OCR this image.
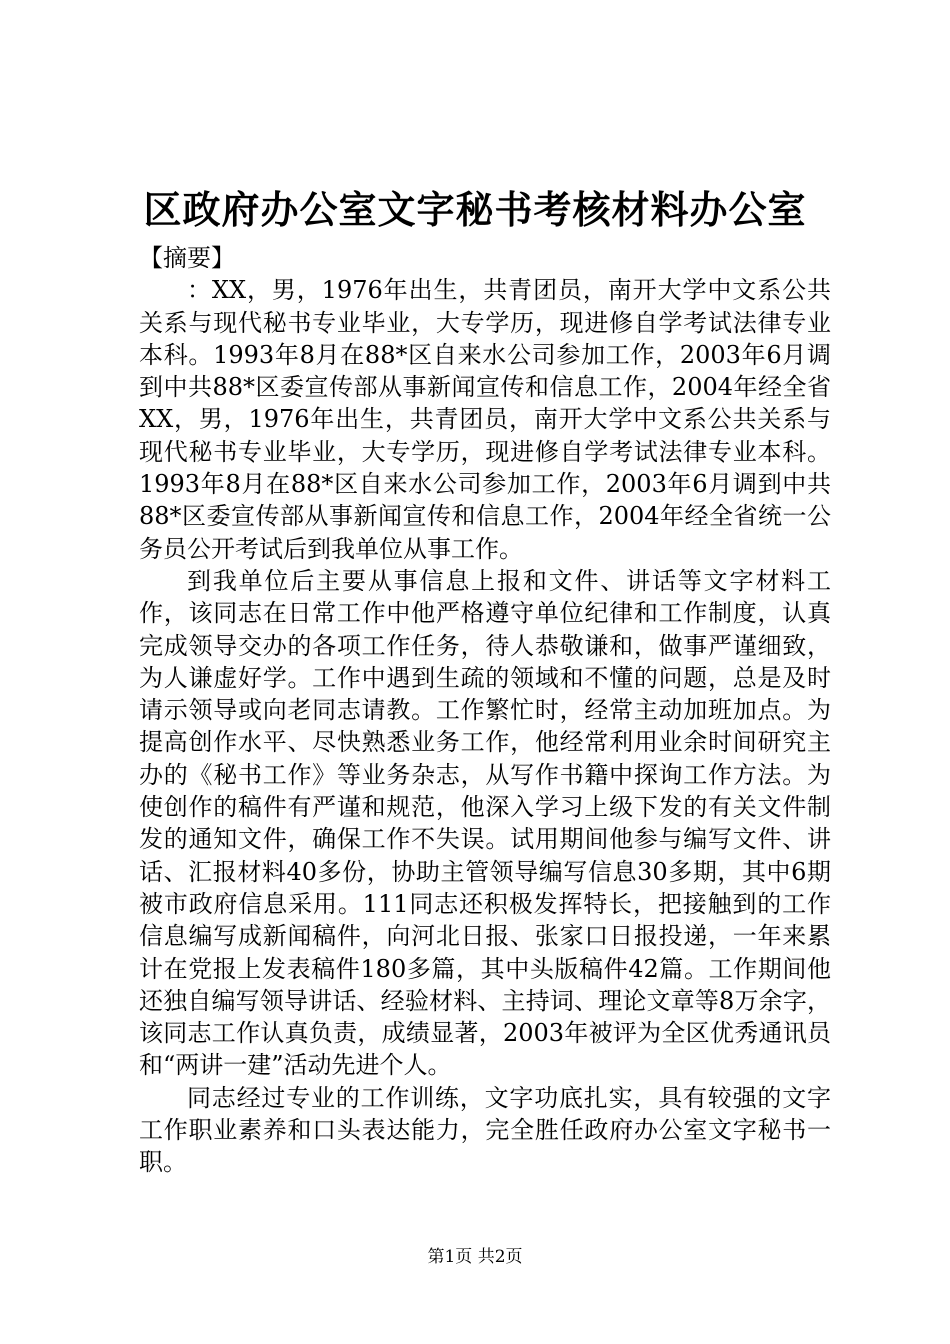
区政府办公室文字秘书考核材料办公室

【摘要】

：XX，男，1976年出生，共青团员，南开大学中文系公共关系与现代秘书专业毕业，大专学历，现进修自学考试法律专业本科。1993年8月在88*区自来水公司参加工作，2003年6月调到中共88*区委宣传部从事新闻宣传和信息工作，2004年经全省XX，男，1976年出生，共青团员，南开大学中文系公共关系与现代秘书专业毕业，大专学历，现进修自学考试法律专业本科。1993年8月在88*区自来水公司参加工作，2003年6月调到中共88*区委宣传部从事新闻宣传和信息工作，2004年经全省统一公务员公开考试后到我单位从事工作。

到我单位后主要从事信息上报和文件、讲话等文字材料工作，该同志在日常工作中他严格遵守单位纪律和工作制度，认真完成领导交办的各项工作任务，待人恭敬谦和，做事严谨细致，为人谦虚好学。工作中遇到生疏的领域和不懂的问题，总是及时请示领导或向老同志请教。工作繁忙时，经常主动加班加点。为提高创作水平、尽快熟悉业务工作，他经常利用业余时间研究主办的《秘书工作》等业务杂志，从写作书籍中探询工作方法。为使创作的稿件有严谨和规范，他深入学习上级下发的有关文件制发的通知文件，确保工作不失误。试用期间他参与编写文件、讲话、汇报材料40多份，协助主管领导编写信息30多期，其中6期被市政府信息采用。111同志还积极发挥特长，把接触到的工作信息编写成新闻稿件，向河北日报、张家口日报投递，一年来累计在党报上发表稿件180多篇，其中头版稿件42篇。工作期间他还独自编写领导讲话、经验材料、主持词、理论文章等8万余字，该同志工作认真负责，成绩显著，2003年被评为全区优秀通讯员和“两讲一建”活动先进个人。

同志经过专业的工作训练，文字功底扎实，具有较强的文字工作职业素养和口头表达能力，完全胜任政府办公室文字秘书一职。

第1页 共2页
